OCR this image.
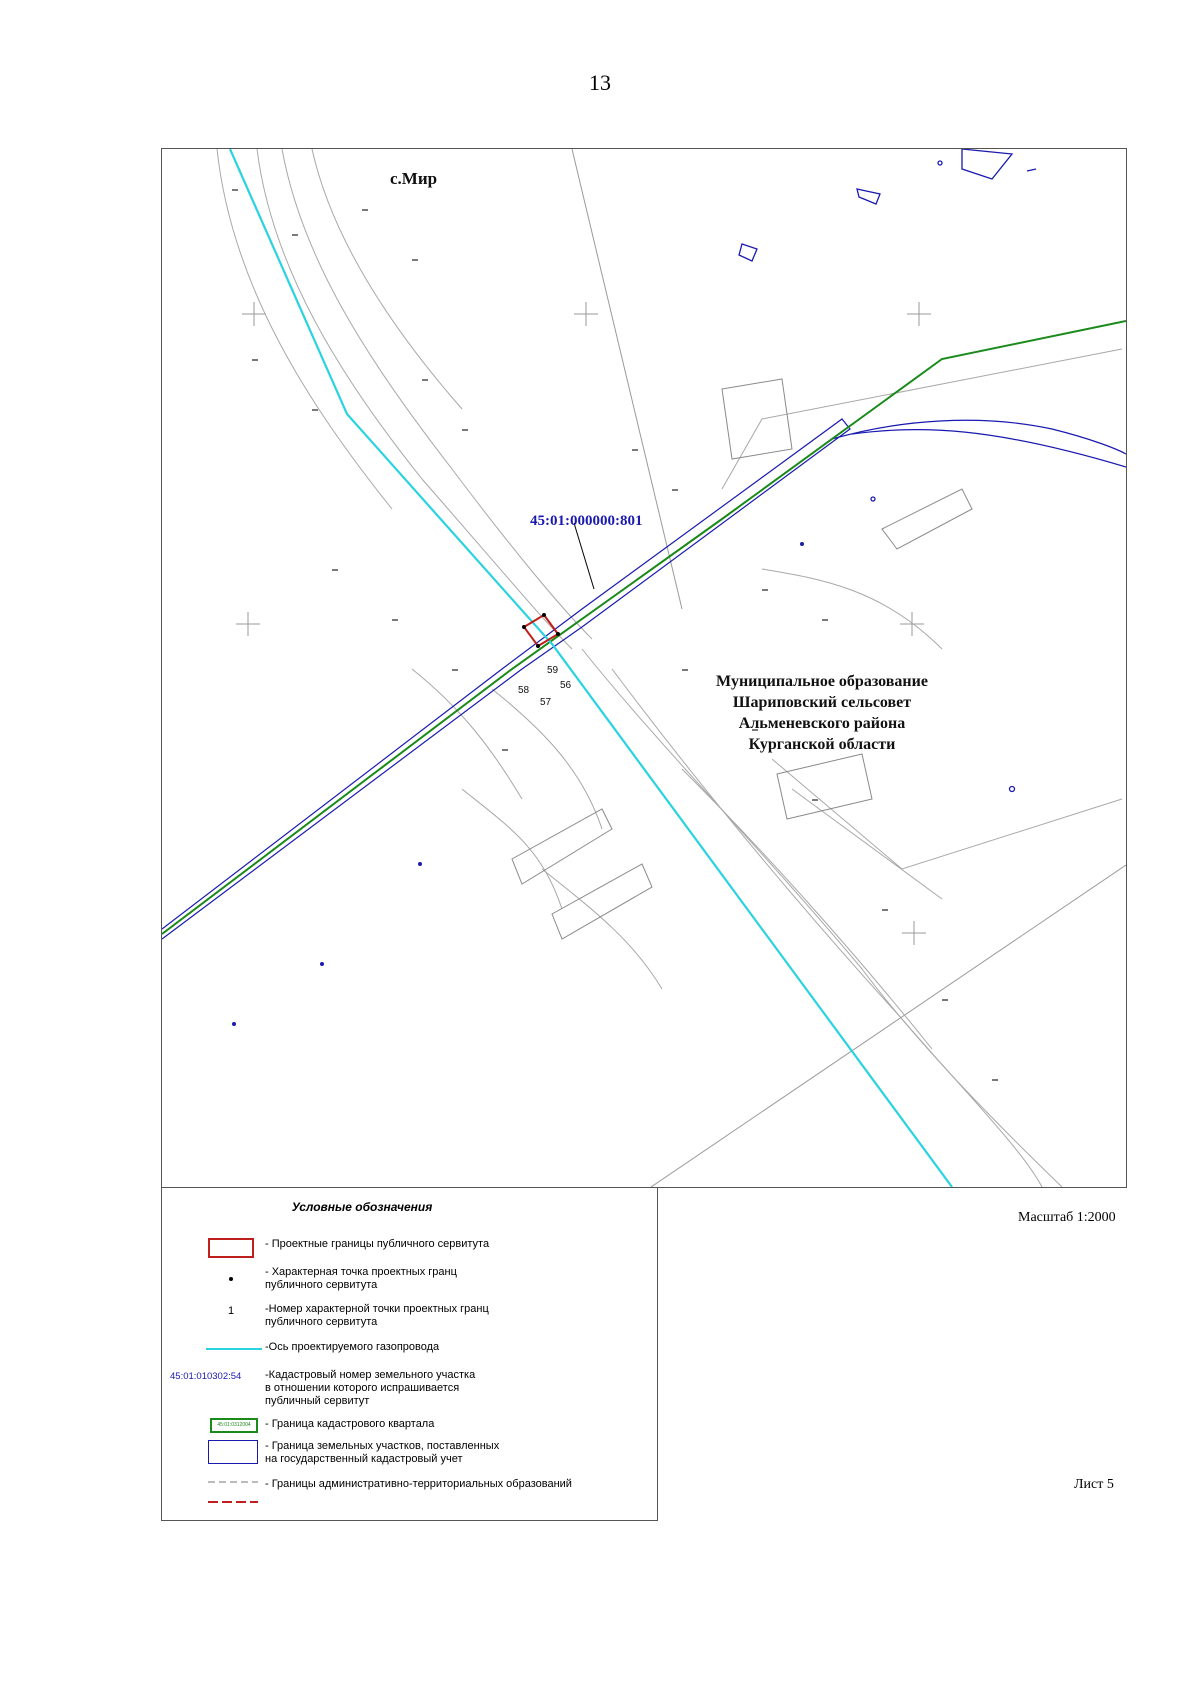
13
с.Мир
45:01:000000:801
Муниципальное образование
Шариповский сельсовет
Альменевского района
Курганской области
59
56
58
57
Условные обозначения
- Проектные границы публичного сервитута
- Характерная точка проектных гранц
публичного сервитута
1	-Номер характерной точки проектных гранц
публичного сервитута
-Ось проектируемого газопровода
45:01:010302:54 -Кадастровый номер земельного участка
в отношении которого испрашивается
публичный сервитут
45:01:0312004	- Граница кадастрового квартала
- Граница земельных участков, поставленных
на государственный кадастровый учет
- Границы административно-территориальных образований
Масштаб 1:2000
Лист 5
